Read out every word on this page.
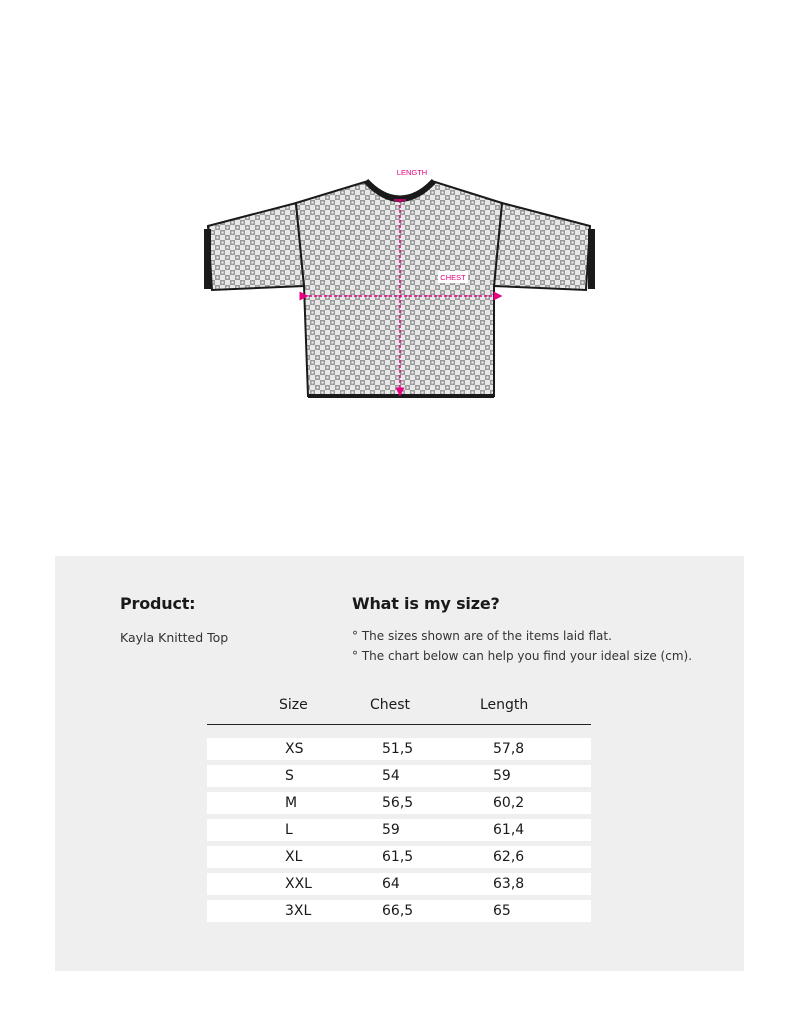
LENGTH
CHEST
Product:
Kayla Knitted Top
What is my size?
° The sizes shown are of the items laid flat.
° The chart below can help you find your ideal size (cm).
Size	Chest	Length
XS	51,5	57,8
S	54	59
M	56,5	60,2
L	59	61,4
XL	61,5	62,6
XXL	64	63,8
3XL	66,5	65
